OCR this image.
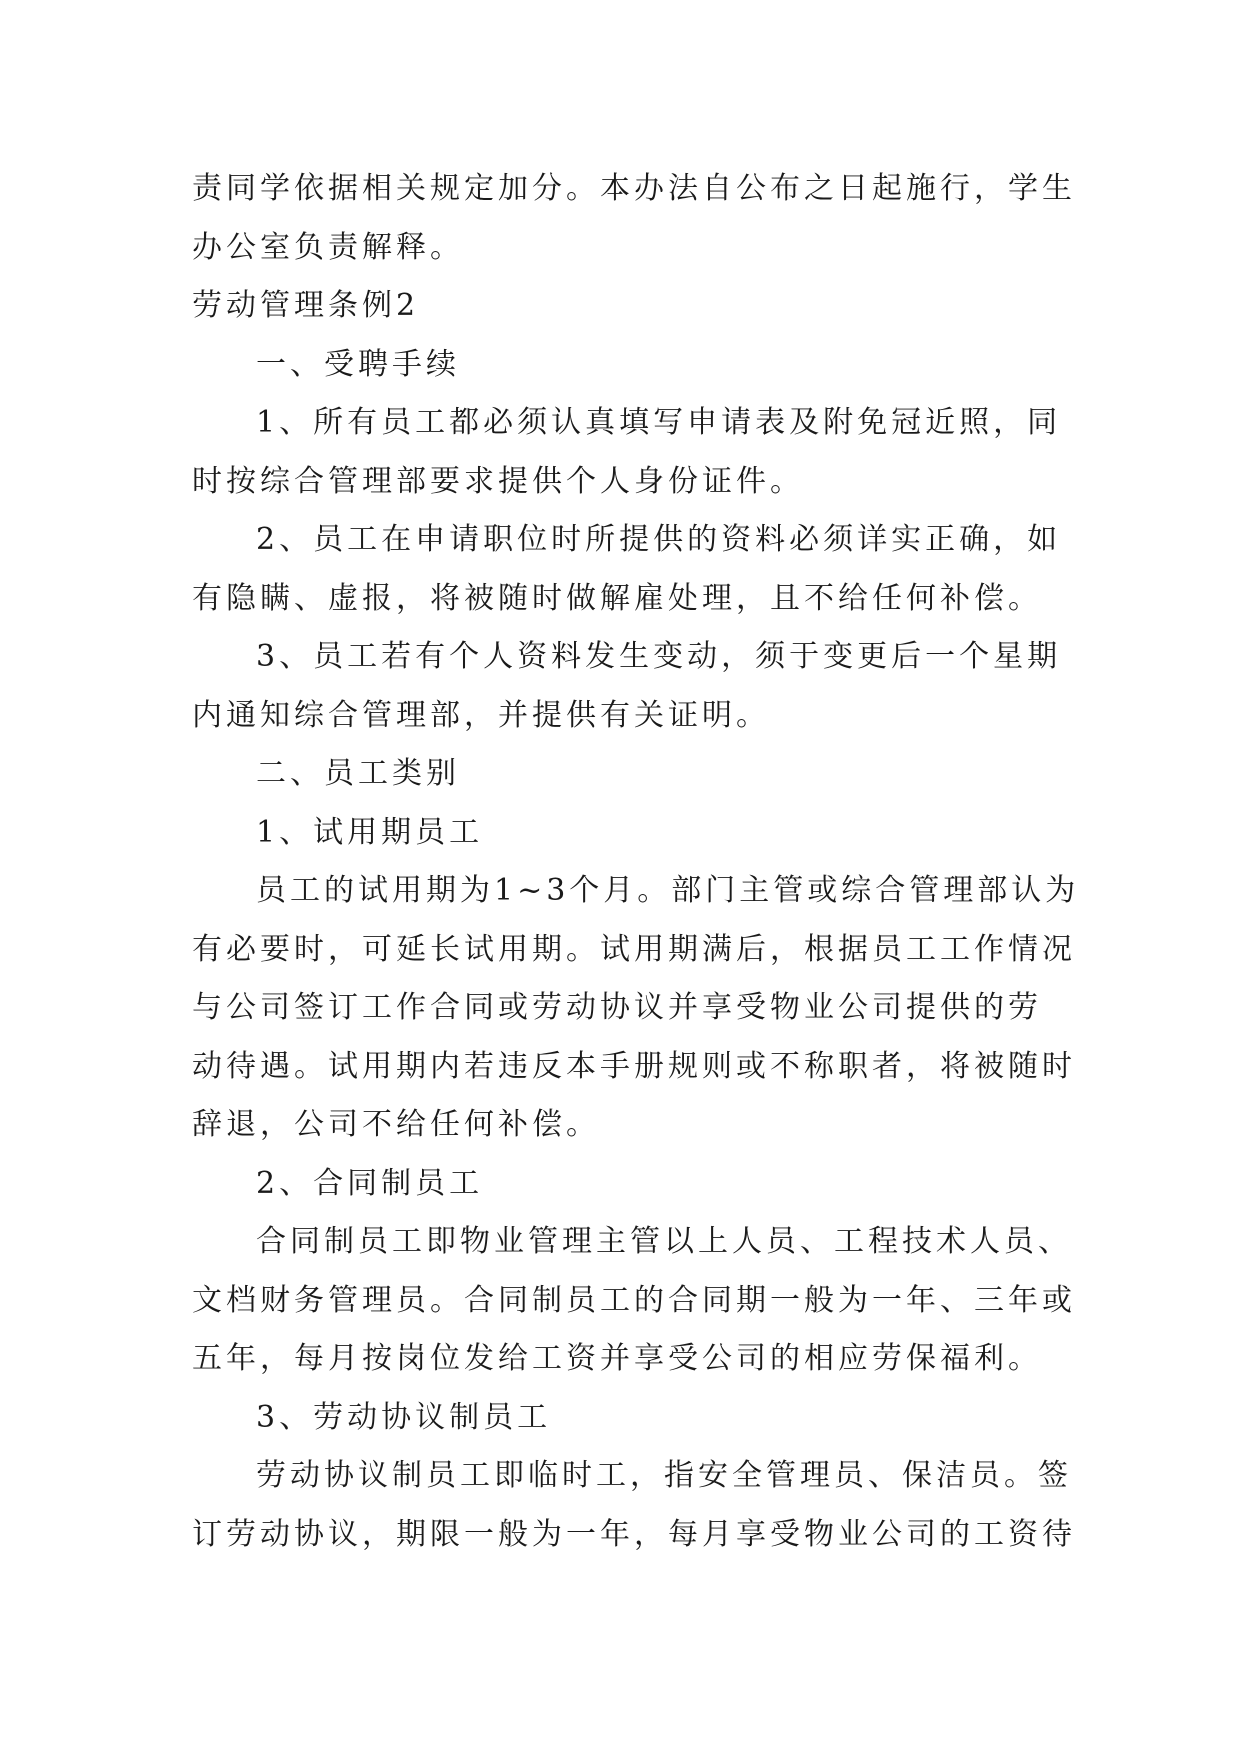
责同学依据相关规定加分。本办法自公布之日起施行，学生
办公室负责解释。
劳动管理条例2
一、受聘手续
1、所有员工都必须认真填写申请表及附免冠近照，同
时按综合管理部要求提供个人身份证件。
2、员工在申请职位时所提供的资料必须详实正确，如
有隐瞒、虚报，将被随时做解雇处理，且不给任何补偿。
3、员工若有个人资料发生变动，须于变更后一个星期
内通知综合管理部，并提供有关证明。
二、员工类别
1、试用期员工
员工的试用期为1~3个月。部门主管或综合管理部认为
有必要时，可延长试用期。试用期满后，根据员工工作情况
与公司签订工作合同或劳动协议并享受物业公司提供的劳
动待遇。试用期内若违反本手册规则或不称职者，将被随时
辞退，公司不给任何补偿。
2、合同制员工
合同制员工即物业管理主管以上人员、工程技术人员、
文档财务管理员。合同制员工的合同期一般为一年、三年或
五年，每月按岗位发给工资并享受公司的相应劳保福利。
3、劳动协议制员工
劳动协议制员工即临时工，指安全管理员、保洁员。签
订劳动协议，期限一般为一年，每月享受物业公司的工资待
